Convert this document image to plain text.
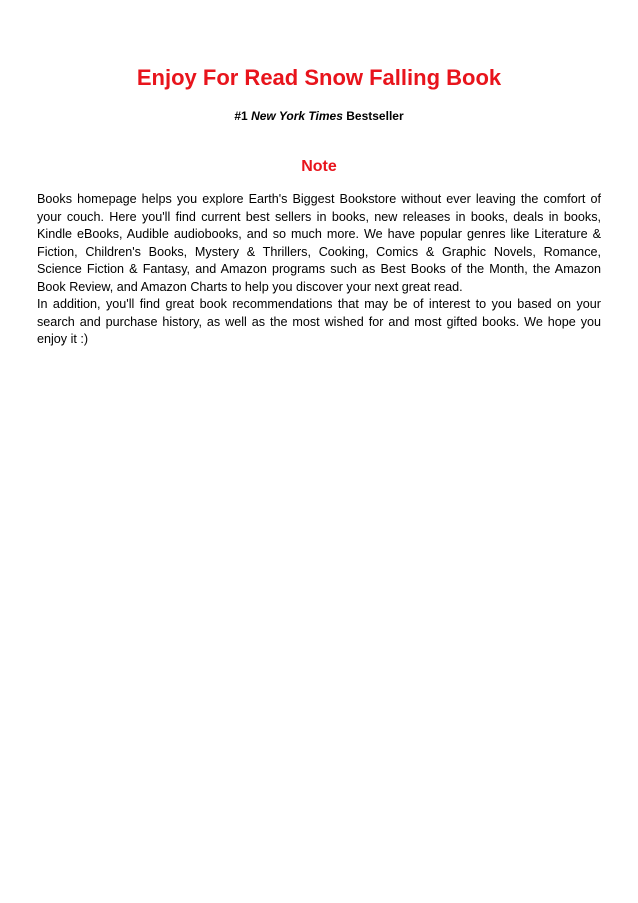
Enjoy For Read Snow Falling Book
#1 New York Times Bestseller
Note

Books homepage helps you explore Earth's Biggest Bookstore without ever leaving the comfort of your couch. Here you'll find current best sellers in books, new releases in books, deals in books, Kindle eBooks, Audible audiobooks, and so much more. We have popular genres like Literature & Fiction, Children's Books, Mystery & Thrillers, Cooking, Comics & Graphic Novels, Romance, Science Fiction & Fantasy, and Amazon programs such as Best Books of the Month, the Amazon Book Review, and Amazon Charts to help you discover your next great read.

In addition, you'll find great book recommendations that may be of interest to you based on your search and purchase history, as well as the most wished for and most gifted books. We hope you enjoy it :)
